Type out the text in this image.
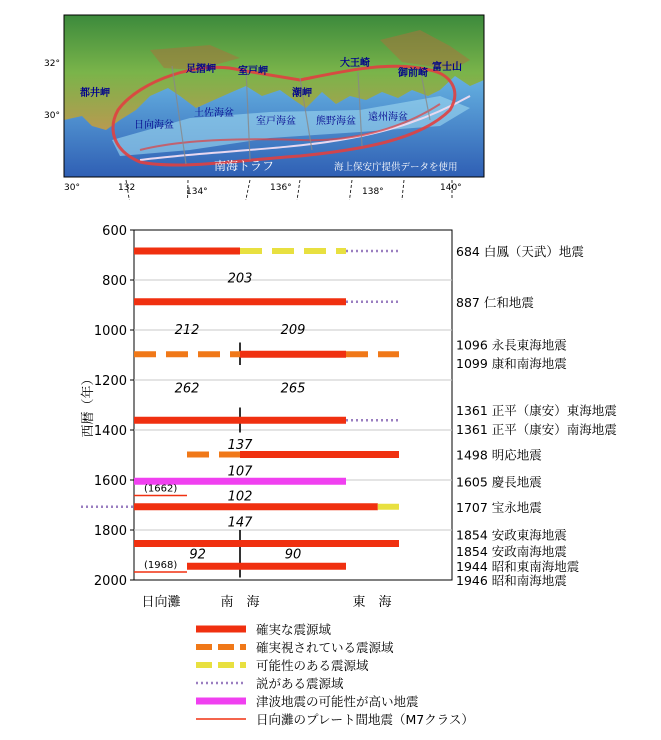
32°
30°
30°	132	134°	136°	138°	140°
足摺岬 室戸岬
潮岬
大王崎
御前崎
都井岬
富士山
日向海盆
土佐海盆
室戸海盆 熊野海盆 遠州海盆
南海トラフ	海上保安庁提供データを使用
600
800
1000
1200
1400
1600
1800
2000
(1662)
(1968)
203
212	209
262	265
137
107
102
147
92	90
684 白鳳（天武）地震
887 仁和地震
1096 永長東海地震
1099 康和南海地震
1361 正平（康安）東海地震
1361 正平（康安）南海地震
1498 明応地震
1605 慶長地震
1707 宝永地震
1854 安政東海地震
1854 安政南海地震
1944 昭和東南海地震
1946 昭和南海地震
西暦（年）
日向灘	南　海	東　海
確実な震源域
確実視されている震源域
可能性のある震源域
説がある震源域
津波地震の可能性が高い地震
日向灘のプレート間地震（M7クラス）
